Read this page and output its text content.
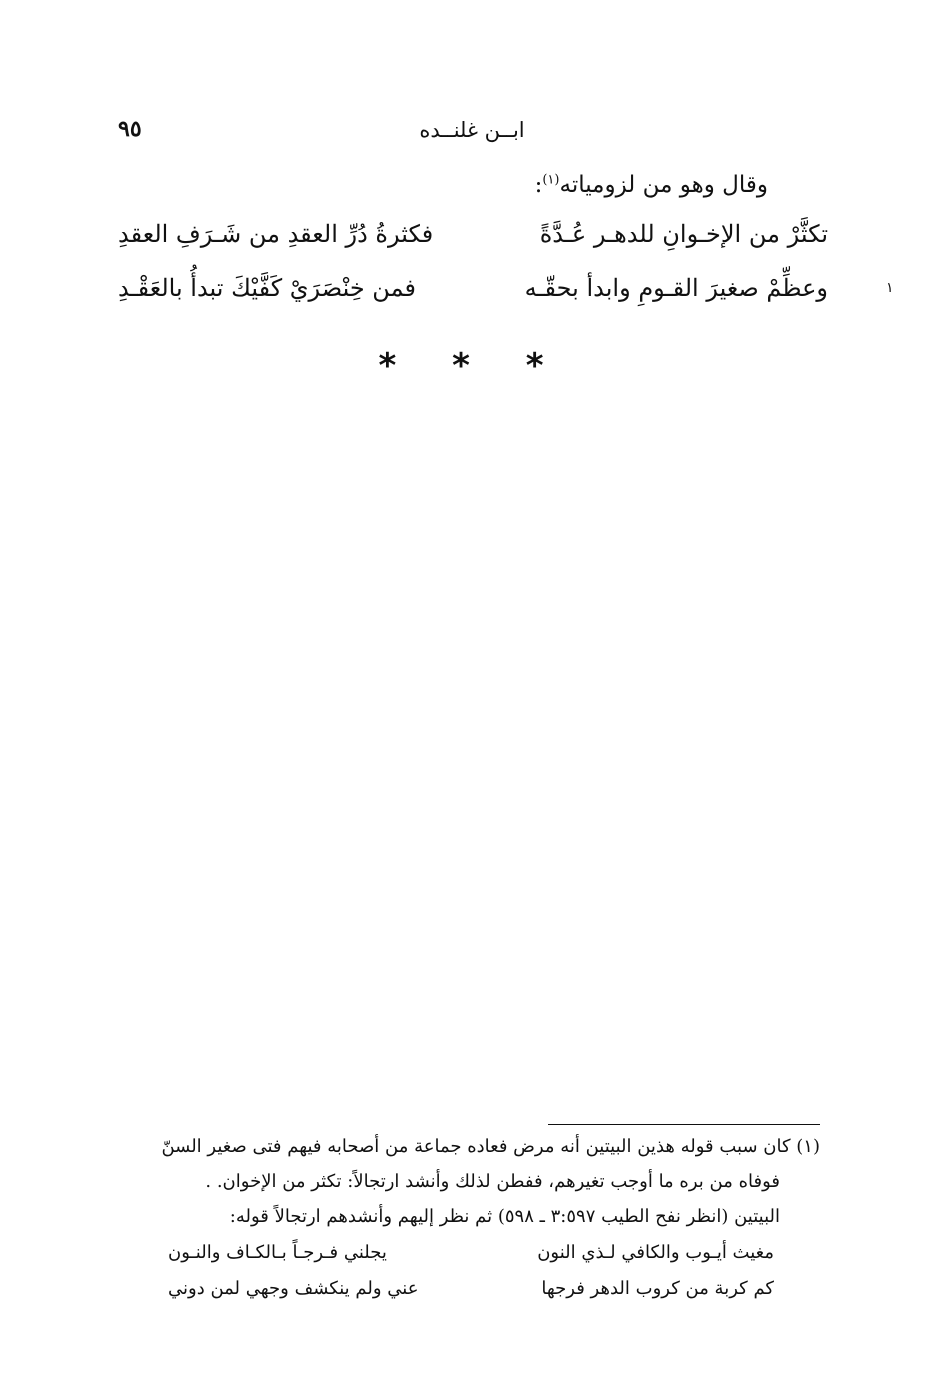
ابــن غلنــده
٩٥
وقال وهو من لزومياته$^{(١)}$:
تكثَّرْ من الإخـوانِ للدهـر عُـدَّةً
فكثرةُ دُرِّ العقدِ من شَـرَفِ العقدِ
وعظِّمْ صغيرَ القـومِ وابدأ بحقّـه
فمن خِنْصَرَيْ كَفَّيْكَ تبدأُ بالعَقْـدِ	١
* * *
(١) كان سبب قوله هذين البيتين أنه مرض فعاده جماعة من أصحابه فيهم فتى صغير السنّ
فوفاه من بره ما أوجب تغيرهم، ففطن لذلك وأنشد ارتجالاً: تكثر من الإخوان. .
البيتين (انظر نفح الطيب ٣:٥٩٧ ـ ٥٩٨) ثم نظر إليهم وأنشدهم ارتجالاً قوله:
مغيث أيـوب والكافي لـذي النون
يجلني فـرجـاً بـالكـاف والنـون
كم كربة من كروب الدهر فرجها
عني ولم ينكشف وجهي لمن دوني
